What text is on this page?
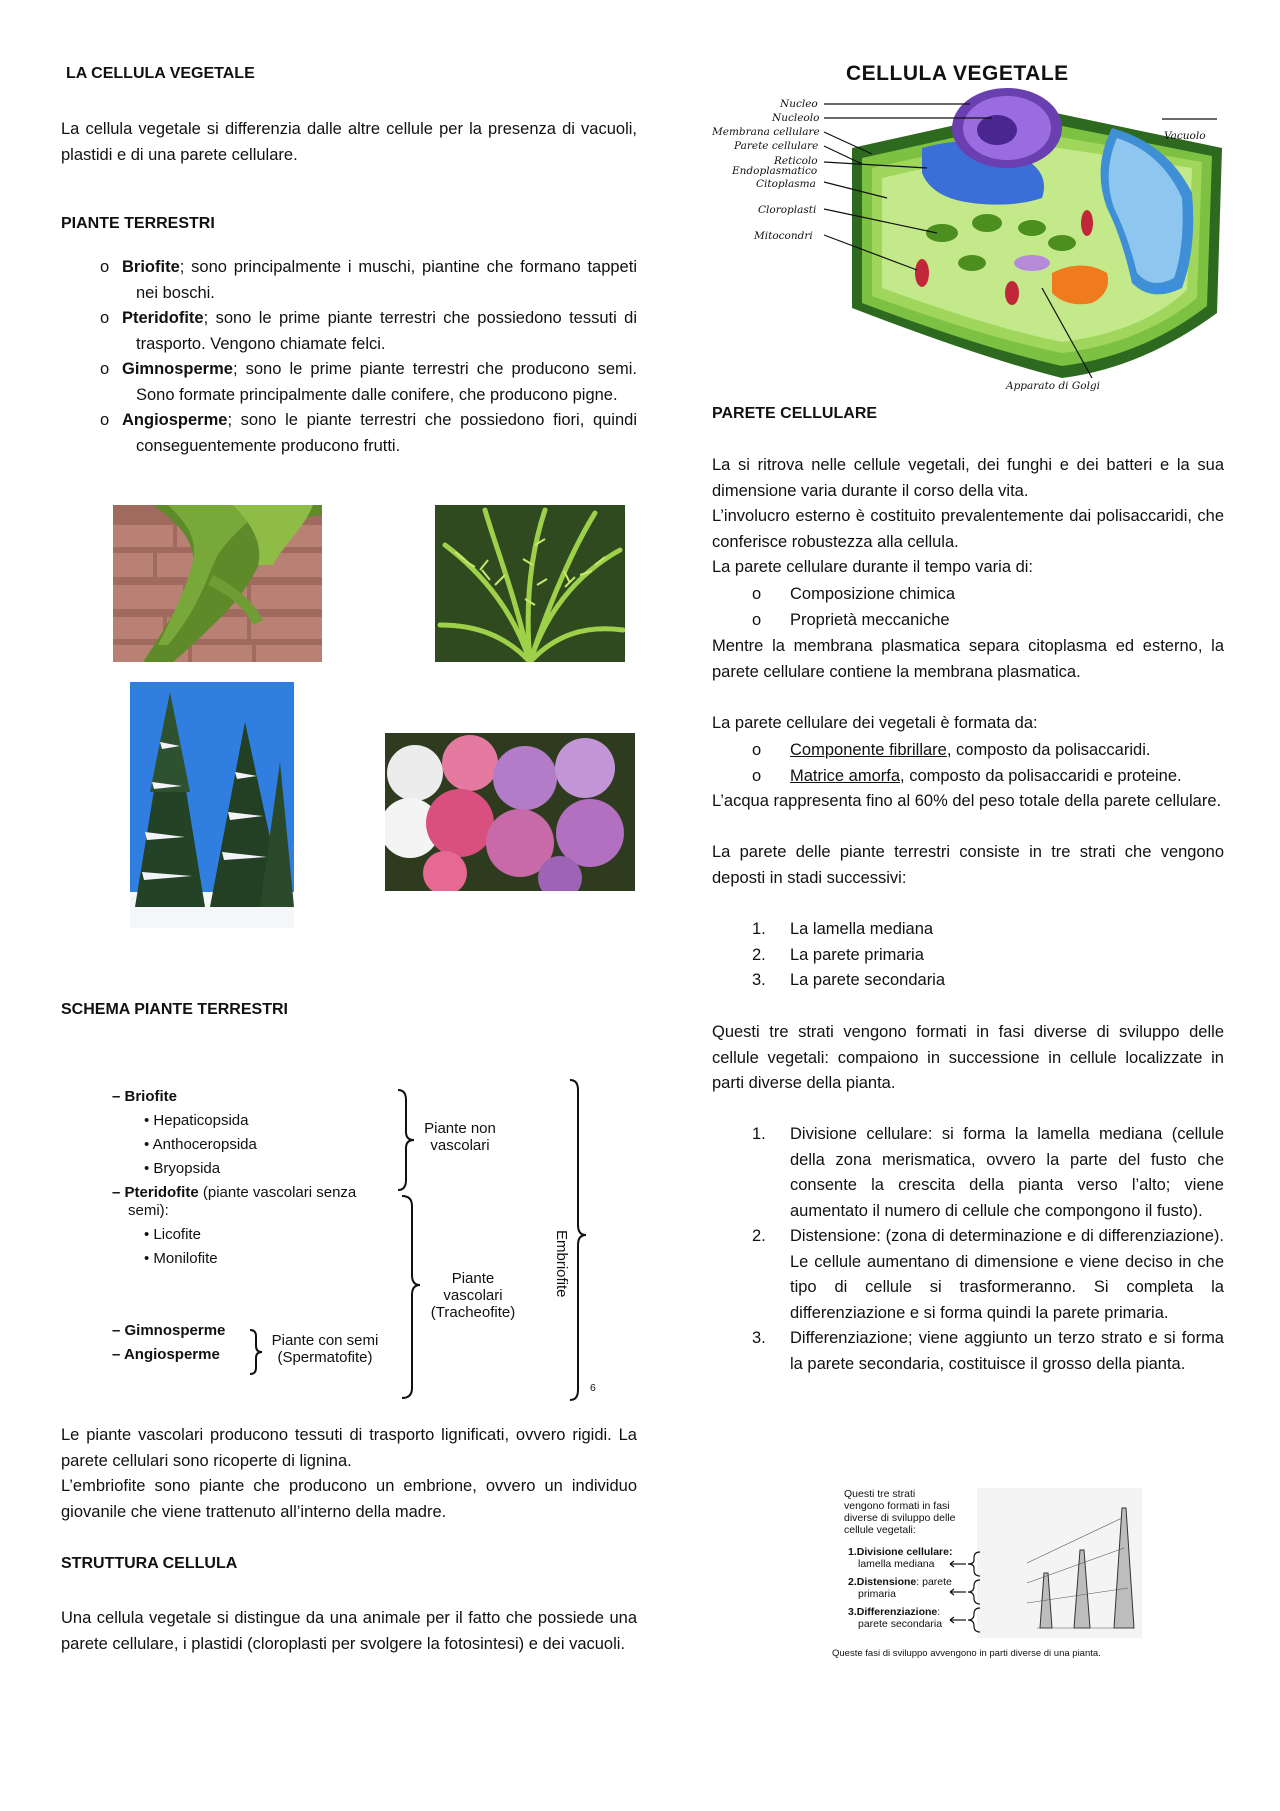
LA CELLULA VEGETALE
La cellula vegetale si differenzia dalle altre cellule per la presenza di vacuoli, plastidi e di una parete cellulare.
PIANTE TERRESTRI
o Briofite; sono principalmente i muschi, piantine che formano tappeti nei boschi.
o Pteridofite; sono le prime piante terrestri che possiedono tessuti di trasporto. Vengono chiamate felci.
o Gimnosperme; sono le prime piante terrestri che producono semi. Sono formate principalmente dalle conifere, che producono pigne.
o Angiosperme; sono le piante terrestri che possiedono fiori, quindi conseguentemente producono frutti.
SCHEMA PIANTE TERRESTRI
– Briofite
• Hepaticopsida
• Anthoceropsida
• Bryopsida
– Pteridofite (piante vascolari senza
semi):
• Licofite
• Monilofite
– Gimnosperme
– Angiosperme
Piante non
vascolari
Piante
vascolari
(Tracheofite)
Piante con semi
(Spermatofite)
Embriofite
6
Le piante vascolari producono tessuti di trasporto lignificati, ovvero rigidi. La parete cellulari sono ricoperte di lignina.
L’embriofite sono piante che producono un embrione, ovvero un individuo giovanile che viene trattenuto all’interno della madre.
STRUTTURA CELLULA
Una cellula vegetale si distingue da una animale per il fatto che possiede una parete cellulare, i plastidi (cloroplasti per svolgere la fotosintesi) e dei vacuoli.
CELLULA VEGETALE
Nucleo
Nucleolo
Membrana cellulare
Parete cellulare
Reticolo
Endoplasmatico
Citoplasma
Cloroplasti
Mitocondri
Vacuolo
Apparato di Golgi
PARETE CELLULARE
La si ritrova nelle cellule vegetali, dei funghi e dei batteri e la sua dimensione varia durante il corso della vita.
L’involucro esterno è costituito prevalentemente dai polisaccaridi, che conferisce robustezza alla cellula.
La parete cellulare durante il tempo varia di:
o Composizione chimica
o Proprietà meccaniche
Mentre la membrana plasmatica separa citoplasma ed esterno, la parete cellulare contiene la membrana plasmatica.
La parete cellulare dei vegetali è formata da:
o Componente fibrillare, composto da polisaccaridi.
o Matrice amorfa, composto da polisaccaridi e proteine.
L’acqua rappresenta fino al 60% del peso totale della parete cellulare.
La parete delle piante terrestri consiste in tre strati che vengono deposti in stadi successivi:
1. La lamella mediana
2. La parete primaria
3. La parete secondaria
Questi tre strati vengono formati in fasi diverse di sviluppo delle cellule vegetali: compaiono in successione in cellule localizzate in parti diverse della pianta.
1. Divisione cellulare: si forma la lamella mediana (cellule della zona merismatica, ovvero la parte del fusto che consente la crescita della pianta verso l’alto; viene aumentato il numero di cellule che compongono il fusto).
2. Distensione: (zona di determinazione e di differenziazione). Le cellule aumentano di dimensione e viene deciso in che tipo di cellule si trasformeranno. Si completa la differenziazione e si forma quindi la parete primaria.
3. Differenziazione; viene aggiunto un terzo strato e si forma la parete secondaria, costituisce il grosso della pianta.
Questi tre strati
vengono formati in fasi
diverse di sviluppo delle
cellule vegetali:
1.Divisione cellulare:
lamella mediana
2.Distensione: parete
primaria
3.Differenziazione:
parete secondaria
Queste fasi di sviluppo avvengono in parti diverse di una pianta.
